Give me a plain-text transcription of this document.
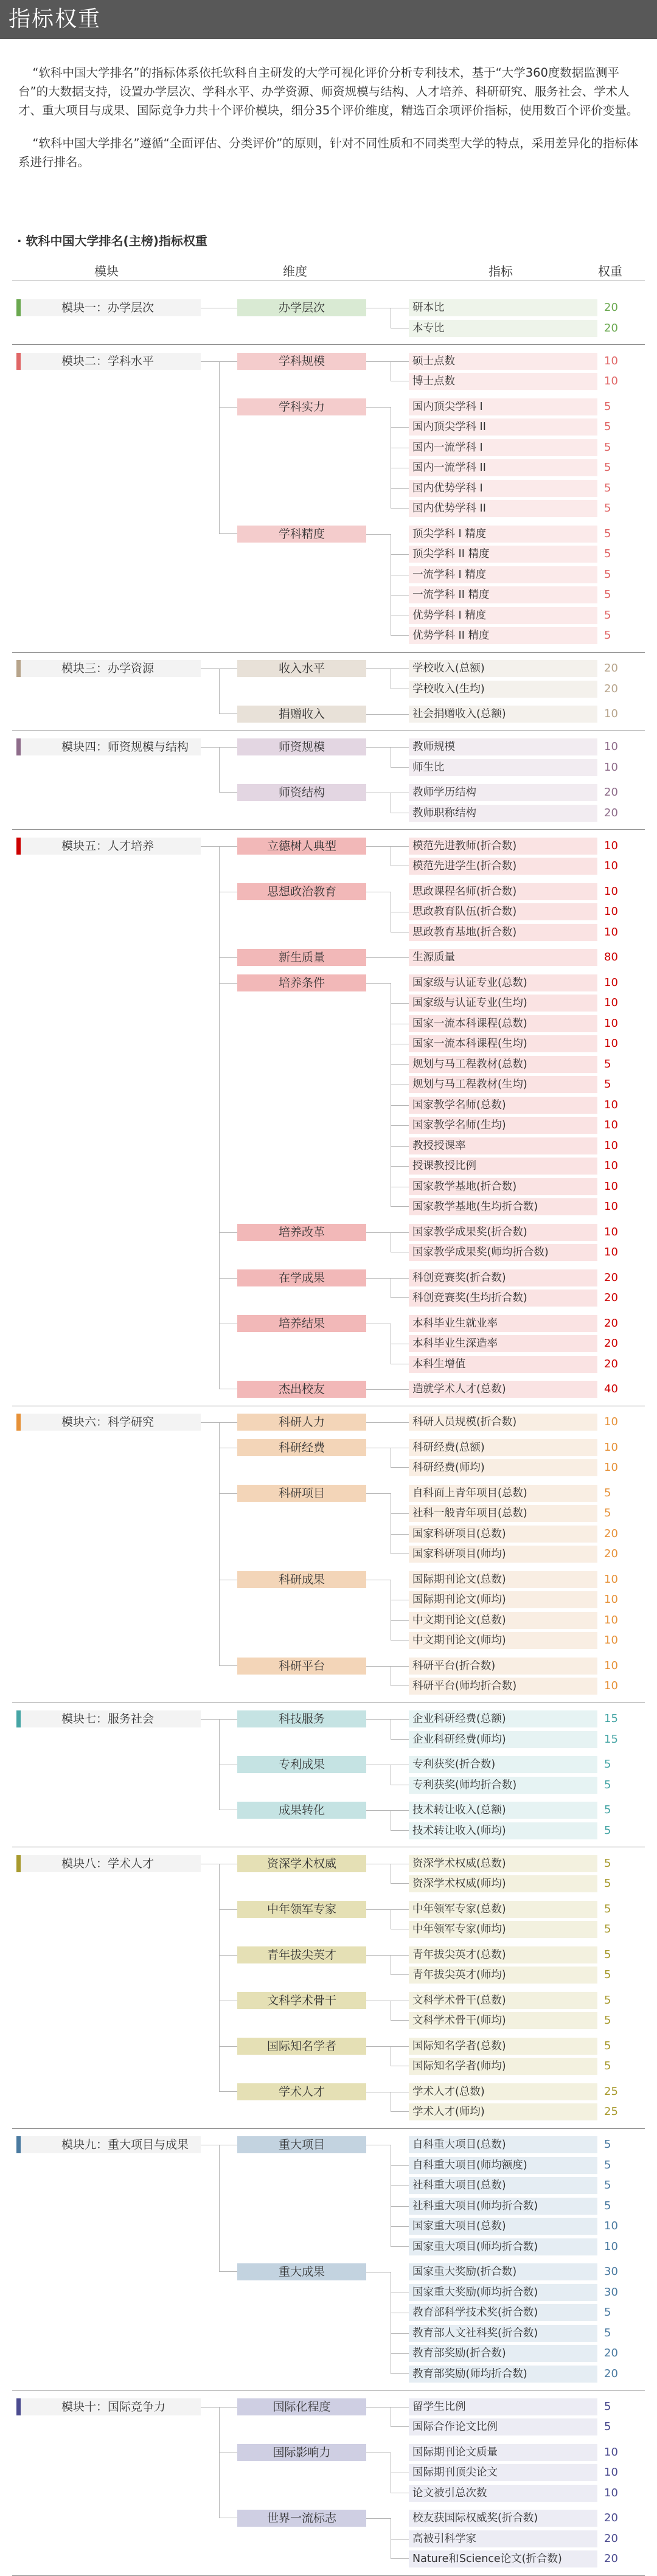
指标权重

“软科中国大学排名”的指标体系依托软科自主研发的大学可视化评价分析专利技术，基于“大学360度数据监测平台”的大数据支持，设置办学层次、学科水平、办学资源、师资规模与结构、人才培养、科研研究、服务社会、学术人才、重大项目与成果、国际竞争力共十个评价模块，细分35个评价维度，精选百余项评价指标，使用数百个评价变量。

“软科中国大学排名”遵循“全面评估、分类评价”的原则，针对不同性质和不同类型大学的特点，采用差异化的指标体系进行排名。

· 软科中国大学排名(主榜)指标权重
模块	维度	指标	权重
模块一：办学层次	办学层次	研本比	20
本专比	20
模块二：学科水平	学科规模	硕士点数	10
博士点数	10
学科实力	国内顶尖学科 I	5
国内顶尖学科 II	5
国内一流学科 I	5
国内一流学科 II	5
国内优势学科 I	5
国内优势学科 II	5
学科精度	顶尖学科 I 精度	5
顶尖学科 II 精度	5
一流学科 I 精度	5
一流学科 II 精度	5
优势学科 I 精度	5
优势学科 II 精度	5
模块三：办学资源	收入水平	学校收入(总额)	20
学校收入(生均)	20
捐赠收入	社会捐赠收入(总额)	10
模块四：师资规模与结构	师资规模	教师规模	10
师生比	10
师资结构	教师学历结构	20
教师职称结构	20
模块五：人才培养	立德树人典型	模范先进教师(折合数)	10
模范先进学生(折合数)	10
思想政治教育	思政课程名师(折合数)	10
思政教育队伍(折合数)	10
思政教育基地(折合数)	10
新生质量	生源质量	80
培养条件	国家级与认证专业(总数)	10
国家级与认证专业(生均)	10
国家一流本科课程(总数)	10
国家一流本科课程(生均)	10
规划与马工程教材(总数)	5
规划与马工程教材(生均)	5
国家教学名师(总数)	10
国家教学名师(生均)	10
教授授课率	10
授课教授比例	10
国家教学基地(折合数)	10
国家教学基地(生均折合数)	10
培养改革	国家教学成果奖(折合数)	10
国家教学成果奖(师均折合数)	10
在学成果	科创竞赛奖(折合数)	20
科创竞赛奖(生均折合数)	20
培养结果	本科毕业生就业率	20
本科毕业生深造率	20
本科生增值	20
杰出校友	造就学术人才(总数)	40
模块六：科学研究	科研人力	科研人员规模(折合数)	10
科研经费	科研经费(总额)	10
科研经费(师均)	10
科研项目	自科面上青年项目(总数)	5
社科一般青年项目(总数)	5
国家科研项目(总数)	20
国家科研项目(师均)	20
科研成果	国际期刊论文(总数)	10
国际期刊论文(师均)	10
中文期刊论文(总数)	10
中文期刊论文(师均)	10
科研平台	科研平台(折合数)	10
科研平台(师均折合数)	10
模块七：服务社会	科技服务	企业科研经费(总额)	15
企业科研经费(师均)	15
专利成果	专利获奖(折合数)	5
专利获奖(师均折合数)	5
成果转化	技术转让收入(总额)	5
技术转让收入(师均)	5
模块八：学术人才	资深学术权威	资深学术权威(总数)	5
资深学术权威(师均)	5
中年领军专家	中年领军专家(总数)	5
中年领军专家(师均)	5
青年拔尖英才	青年拔尖英才(总数)	5
青年拔尖英才(师均)	5
文科学术骨干	文科学术骨干(总数)	5
文科学术骨干(师均)	5
国际知名学者	国际知名学者(总数)	5
国际知名学者(师均)	5
学术人才	学术人才(总数)	25
学术人才(师均)	25
模块九：重大项目与成果	重大项目	自科重大项目(总数)	5
自科重大项目(师均额度)	5
社科重大项目(总数)	5
社科重大项目(师均折合数)	5
国家重大项目(总数)	10
国家重大项目(师均折合数)	10
重大成果	国家重大奖励(折合数)	30
国家重大奖励(师均折合数)	30
教育部科学技术奖(折合数)	5
教育部人文社科奖(折合数)	5
教育部奖励(折合数)	20
教育部奖励(师均折合数)	20
模块十：国际竞争力	国际化程度	留学生比例	5
国际合作论文比例	5
国际影响力	国际期刊论文质量	10
国际期刊顶尖论文	10
论文被引总次数	10
世界一流标志	校友获国际权威奖(折合数)	20
高被引科学家	20
Nature和Science论文(折合数)	20
